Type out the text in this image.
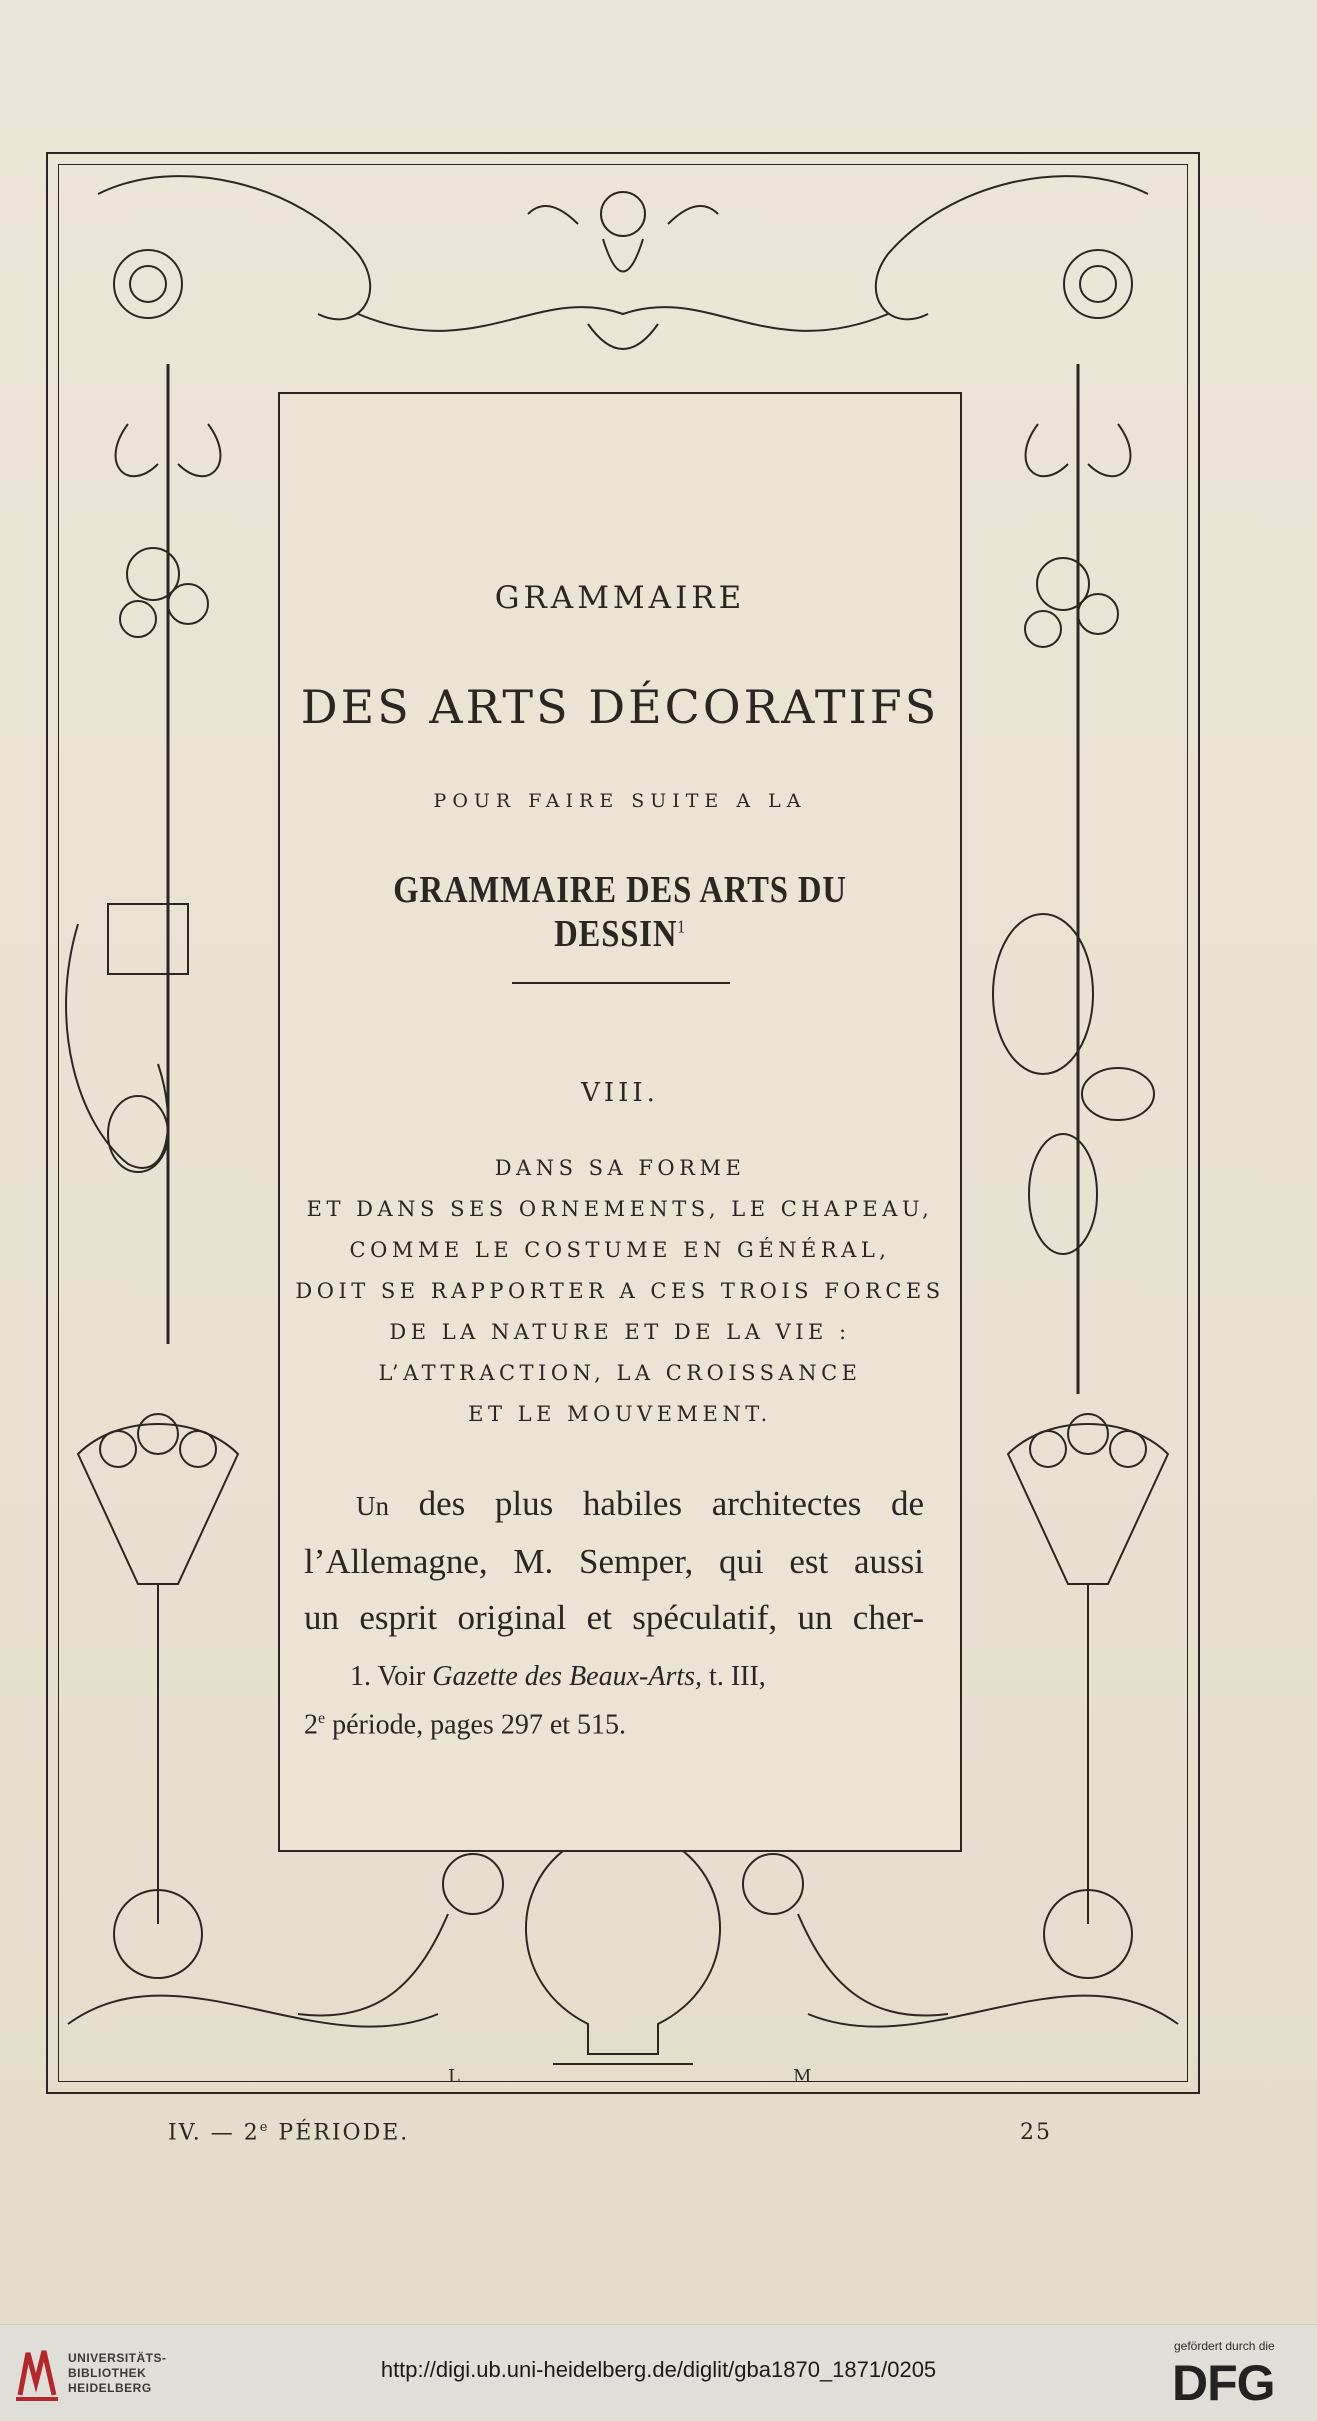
L	M
GRAMMAIRE
DES ARTS DÉCORATIFS
POUR FAIRE SUITE A LA
GRAMMAIRE DES ARTS DU DESSIN$^1$
VIII.
DANS SA FORME
ET DANS SES ORNEMENTS, LE CHAPEAU,
COMME LE COSTUME EN GÉNÉRAL,
DOIT SE RAPPORTER A CES TROIS FORCES
DE LA NATURE ET DE LA VIE :
L’ATTRACTION, LA CROISSANCE
ET LE MOUVEMENT.
Un des plus habiles architectes de
l’Allemagne, M. Semper, qui est aussi
un esprit original et spéculatif, un cher-
1. Voir Gazette des Beaux-Arts, t. III,
2e période, pages 297 et 515.
IV. — 2e PÉRIODE.	25
UNIVERSITÄTS-
BIBLIOTHEK
HEIDELBERG
http://digi.ub.uni-heidelberg.de/diglit/gba1870_1871/0205
gefördert durch die
DFG
